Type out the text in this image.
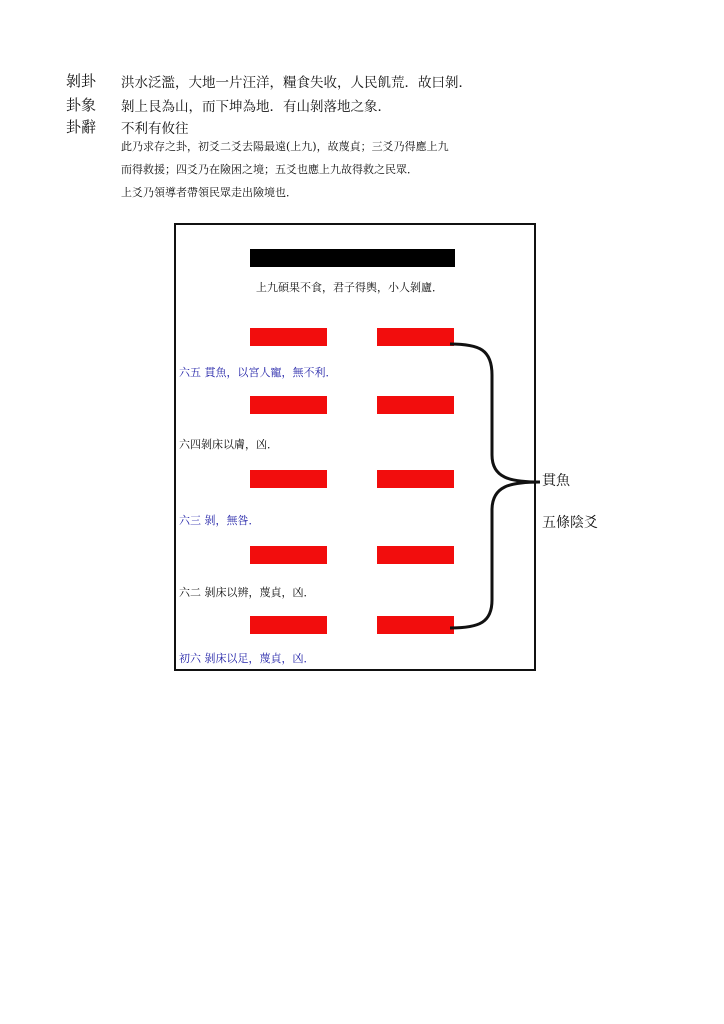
剝卦 洪水泛濫，大地一片汪洋，糧食失收，人民飢荒．故曰剝．
卦象 剝上艮為山，而下坤為地．有山剝落地之象．
卦辭 不利有攸往
此乃求存之卦，初爻二爻去陽最遠(上九)，故蔑貞；三爻乃得應上九
而得救援；四爻乃在險困之境；五爻也應上九故得救之民眾．
上爻乃領導者帶領民眾走出險境也．
上九碩果不食，君子得輿，小人剝廬．
六五 貫魚，以宮人寵，無不利．
六四剝床以膚，凶．
六三 剝，無咎．
六二 剝床以辨，蔑貞，凶．
初六 剝床以足，蔑貞，凶．
貫魚
五條陰爻
